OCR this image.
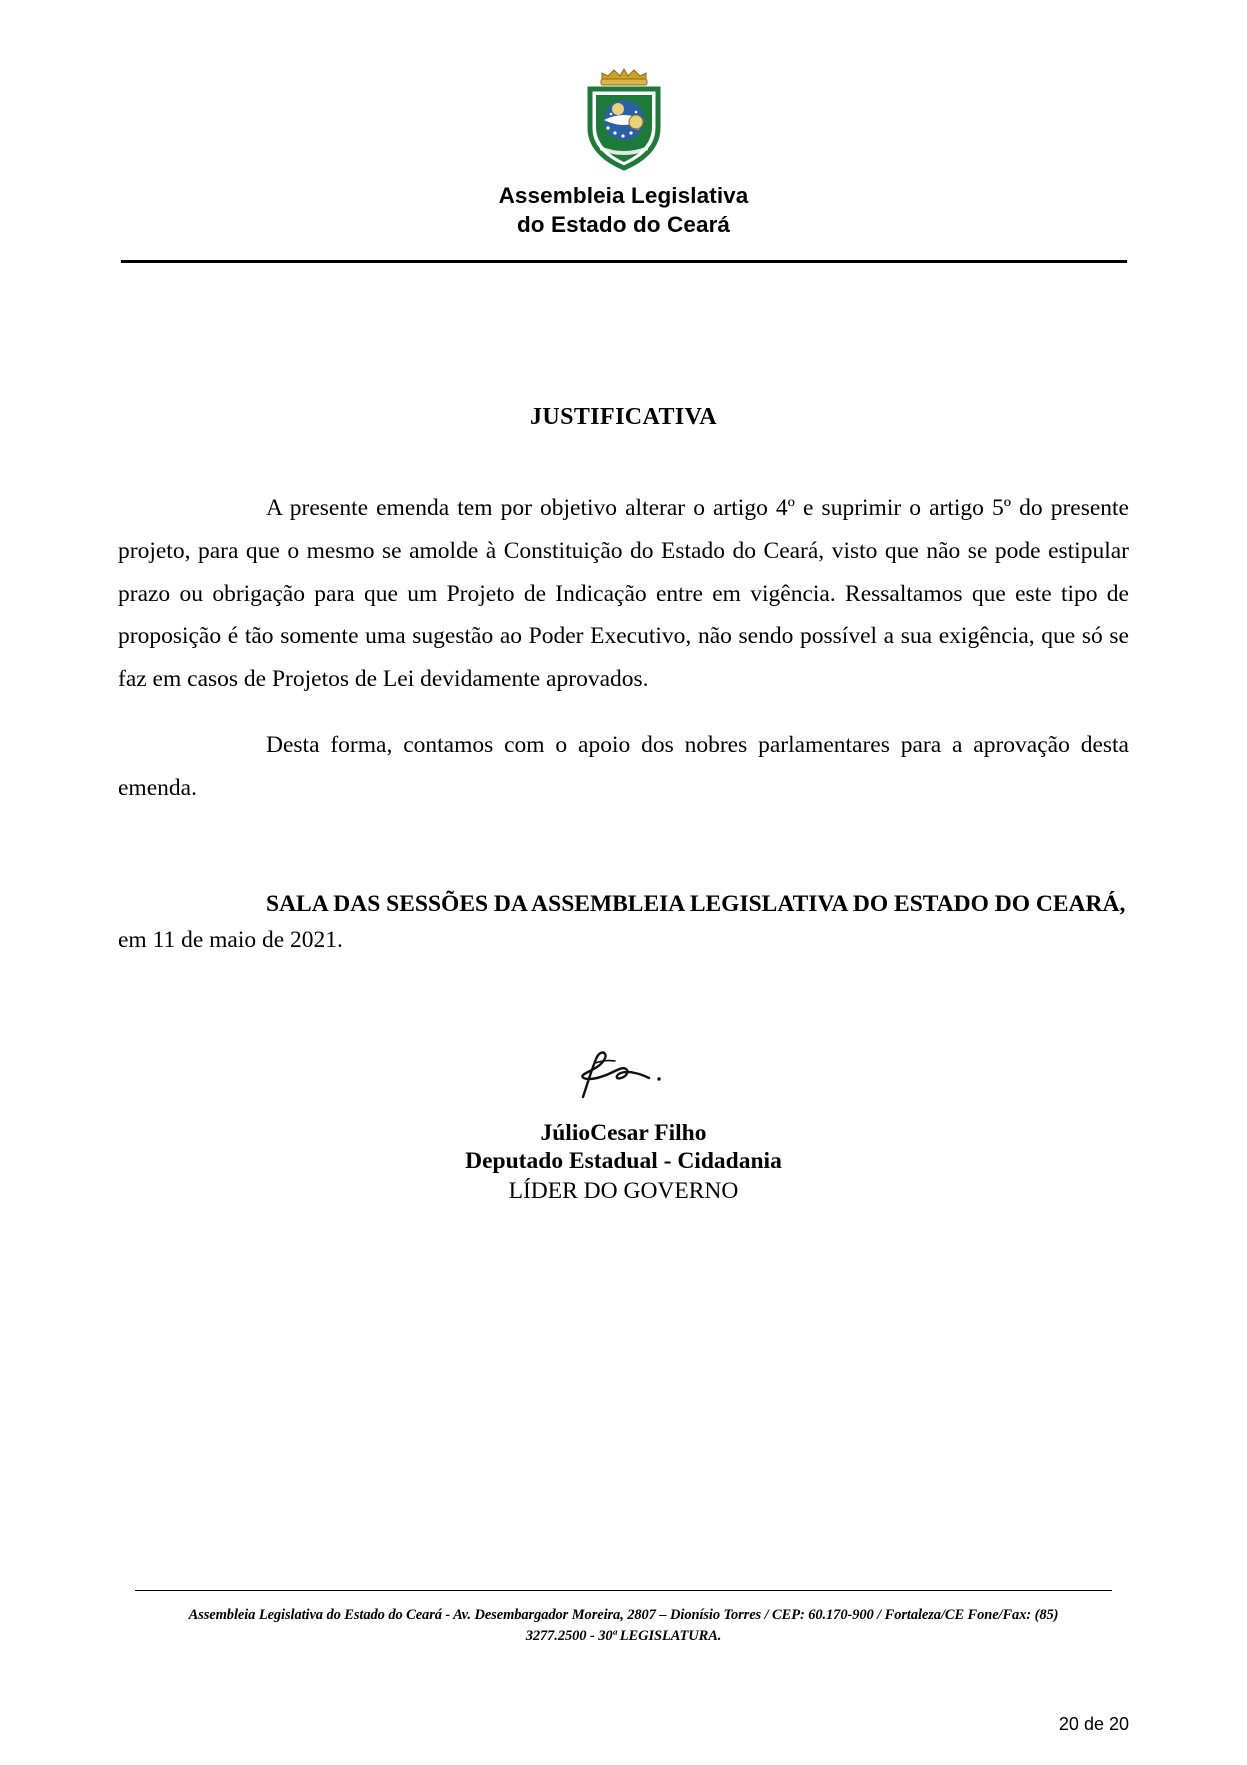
Assembleia Legislativa
do Estado do Ceará
JUSTIFICATIVA

A presente emenda tem por objetivo alterar o artigo 4º e suprimir o artigo 5º do presente projeto, para que o mesmo se amolde à Constituição do Estado do Ceará, visto que não se pode estipular prazo ou obrigação para que um Projeto de Indicação entre em vigência. Ressaltamos que este tipo de proposição é tão somente uma sugestão ao Poder Executivo, não sendo possível a sua exigência, que só se faz em casos de Projetos de Lei devidamente aprovados.

Desta forma, contamos com o apoio dos nobres parlamentares para a aprovação desta emenda.

SALA DAS SESSÕES DA ASSEMBLEIA LEGISLATIVA DO ESTADO DO CEARÁ, em 11 de maio de 2021.
JúlioCesar Filho
Deputado Estadual - Cidadania
LÍDER DO GOVERNO
Assembleia Legislativa do Estado do Ceará - Av. Desembargador Moreira, 2807 – Dionísio Torres / CEP: 60.170-900 / Fortaleza/CE Fone/Fax: (85)
3277.2500 - 30ª LEGISLATURA.
20 de 20
